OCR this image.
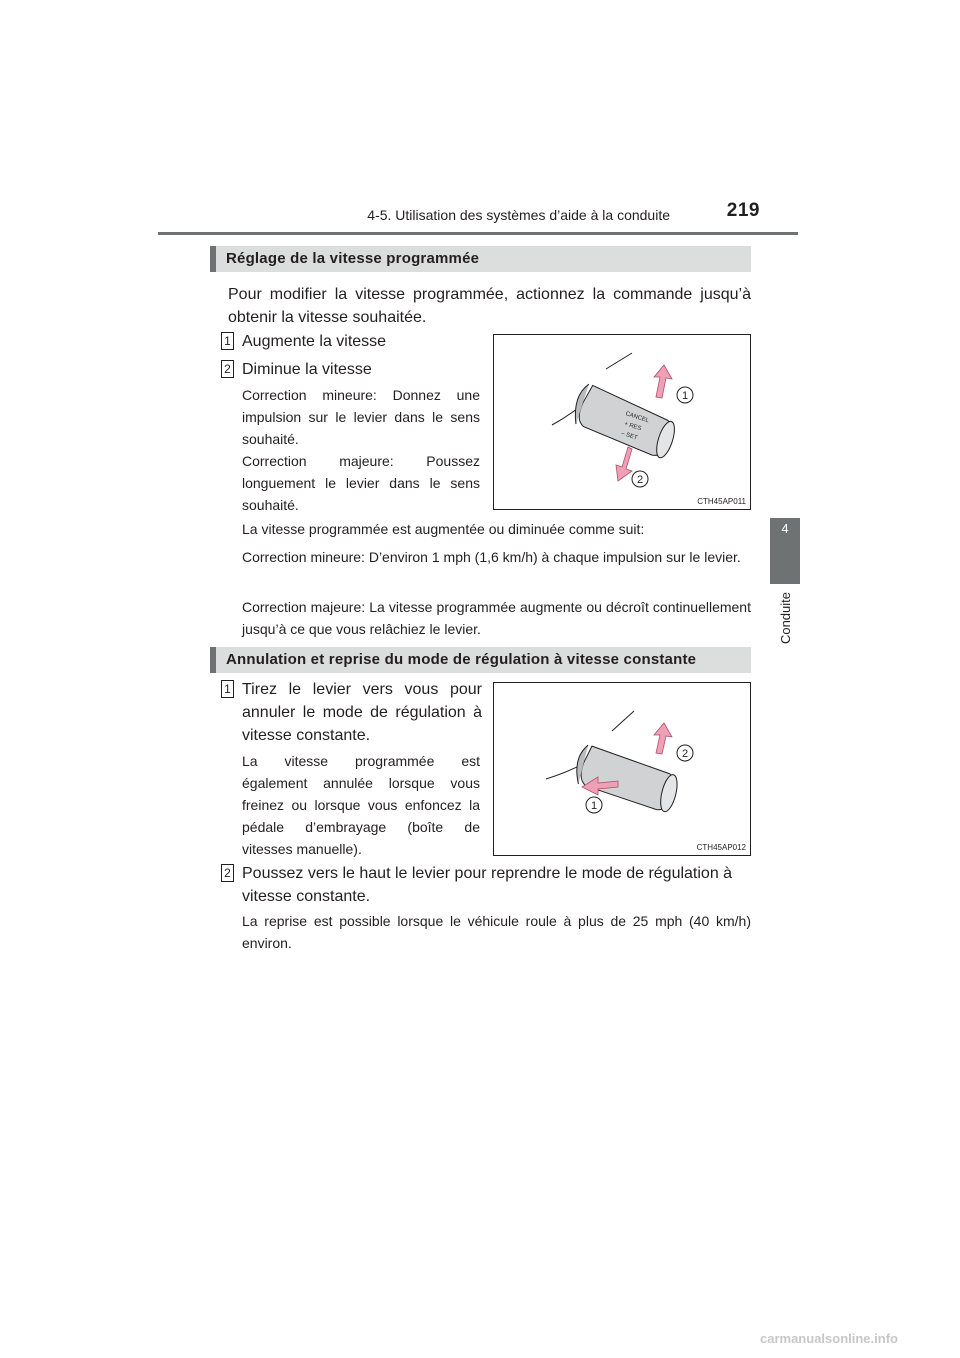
4-5. Utilisation des systèmes d’aide à la conduite	219
4
Conduite
Réglage de la vitesse programmée
Pour modifier la vitesse programmée, actionnez la commande jusqu’à obtenir la vitesse souhaitée.
1 Augmente la vitesse
2 Diminue la vitesse
Correction mineure: Donnez une impulsion sur le levier dans le sens souhaité.
Correction majeure: Poussez longuement le levier dans le sens souhaité.
CANCEL
+ RES
– SET
1
2
CTH45AP011
La vitesse programmée est augmentée ou diminuée comme suit:
Correction mineure: D’environ 1 mph (1,6 km/h) à chaque impulsion sur le levier.
Correction majeure: La vitesse programmée augmente ou décroît continuellement jusqu’à ce que vous relâchiez le levier.
Annulation et reprise du mode de régulation à vitesse constante
1 Tirez le levier vers vous pour annuler le mode de régulation à vitesse constante.
La vitesse programmée est également annulée lorsque vous freinez ou lorsque vous enfoncez la pédale d’embrayage (boîte de vitesses manuelle).
2
1
CTH45AP012
2 Poussez vers le haut le levier pour reprendre le mode de régulation à vitesse constante.
La reprise est possible lorsque le véhicule roule à plus de 25 mph (40 km/h) environ.
carmanualsonline.info
